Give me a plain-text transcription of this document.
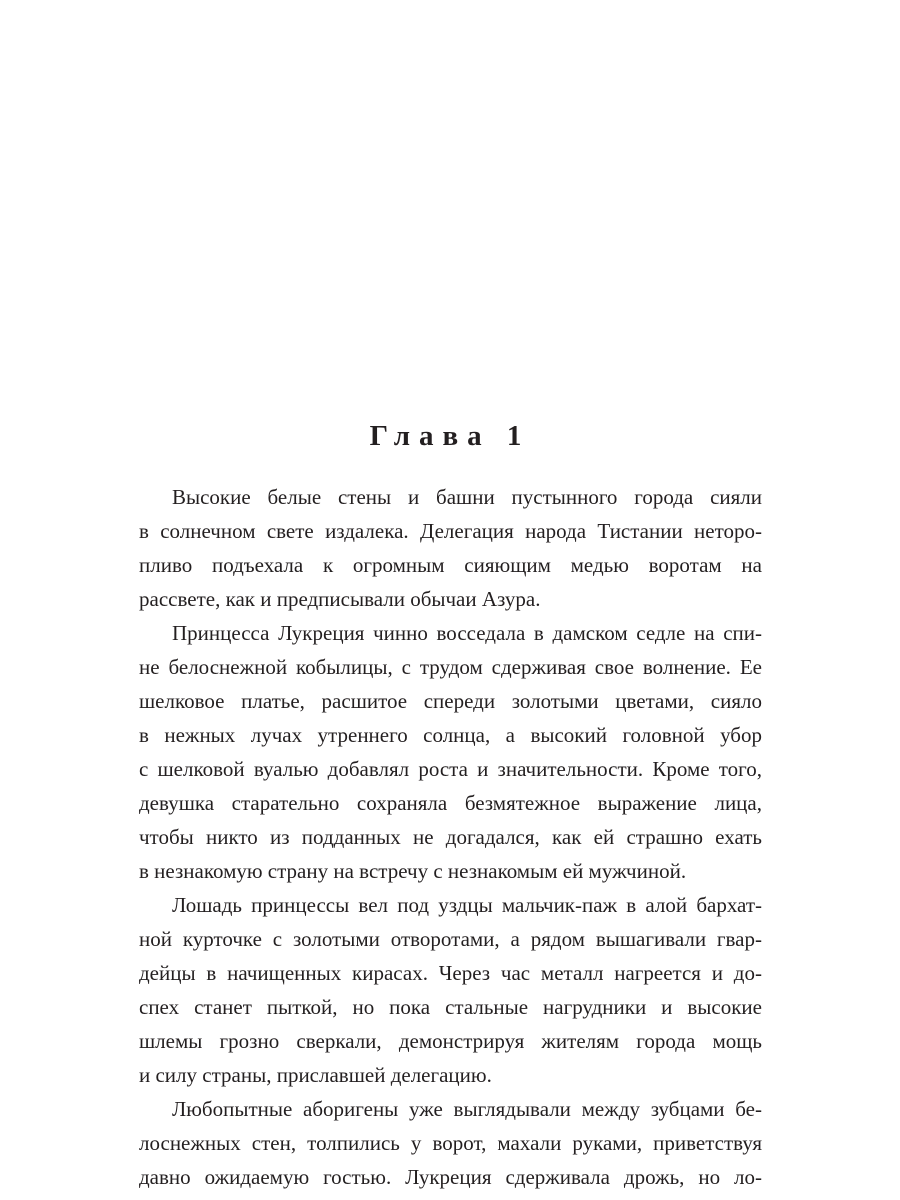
Глава 1
Высокие белые стены и башни пустынного города сияли
в солнечном свете издалека. Делегация народа Тистании неторо-
пливо подъехала к огромным сияющим медью воротам на
рассвете, как и предписывали обычаи Азура.
Принцесса Лукреция чинно восседала в дамском седле на спи-
не белоснежной кобылицы, с трудом сдерживая свое волнение. Ее
шелковое платье, расшитое спереди золотыми цветами, сияло
в нежных лучах утреннего солнца, а высокий головной убор
с шелковой вуалью добавлял роста и значительности. Кроме того,
девушка старательно сохраняла безмятежное выражение лица,
чтобы никто из подданных не догадался, как ей страшно ехать
в незнакомую страну на встречу с незнакомым ей мужчиной.
Лошадь принцессы вел под уздцы мальчик-паж в алой бархат-
ной курточке с золотыми отворотами, а рядом вышагивали гвар-
дейцы в начищенных кирасах. Через час металл нагреется и до-
спех станет пыткой, но пока стальные нагрудники и высокие
шлемы грозно сверкали, демонстрируя жителям города мощь
и силу страны, приславшей делегацию.
Любопытные аборигены уже выглядывали между зубцами бе-
лоснежных стен, толпились у ворот, махали руками, приветствуя
давно ожидаемую гостью. Лукреция сдерживала дрожь, но ло-
